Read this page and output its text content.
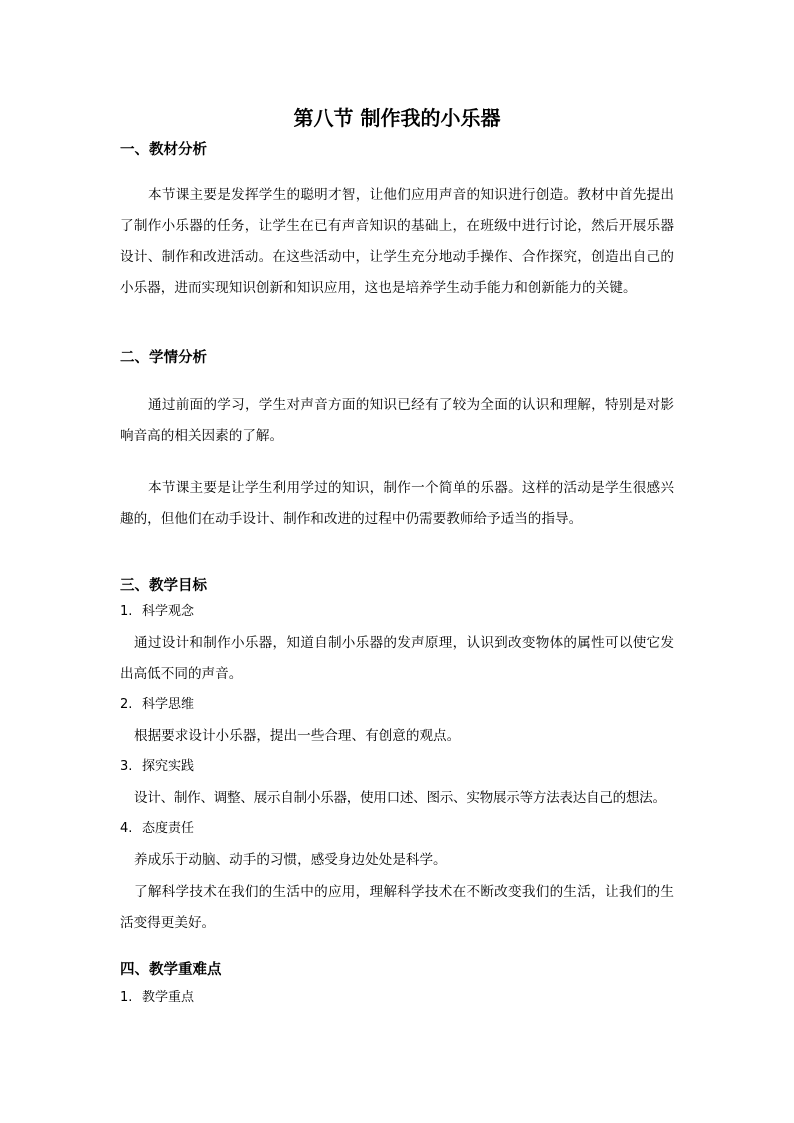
第八节 制作我的小乐器
一、教材分析

本节课主要是发挥学生的聪明才智，让他们应用声音的知识进行创造。教材中首先提出了制作小乐器的任务，让学生在已有声音知识的基础上，在班级中进行讨论，然后开展乐器设计、制作和改进活动。在这些活动中，让学生充分地动手操作、合作探究，创造出自己的小乐器，进而实现知识创新和知识应用，这也是培养学生动手能力和创新能力的关键。

二、学情分析

通过前面的学习，学生对声音方面的知识已经有了较为全面的认识和理解，特别是对影响音高的相关因素的了解。

本节课主要是让学生利用学过的知识，制作一个简单的乐器。这样的活动是学生很感兴趣的，但他们在动手设计、制作和改进的过程中仍需要教师给予适当的指导。

三、教学目标
1. 科学观念

通过设计和制作小乐器，知道自制小乐器的发声原理，认识到改变物体的属性可以使它发出高低不同的声音。

2. 科学思维

根据要求设计小乐器，提出一些合理、有创意的观点。

3. 探究实践

设计、制作、调整、展示自制小乐器，使用口述、图示、实物展示等方法表达自己的想法。

4. 态度责任

养成乐于动脑、动手的习惯，感受身边处处是科学。

了解科学技术在我们的生活中的应用，理解科学技术在不断改变我们的生活，让我们的生活变得更美好。

四、教学重难点
1. 教学重点
